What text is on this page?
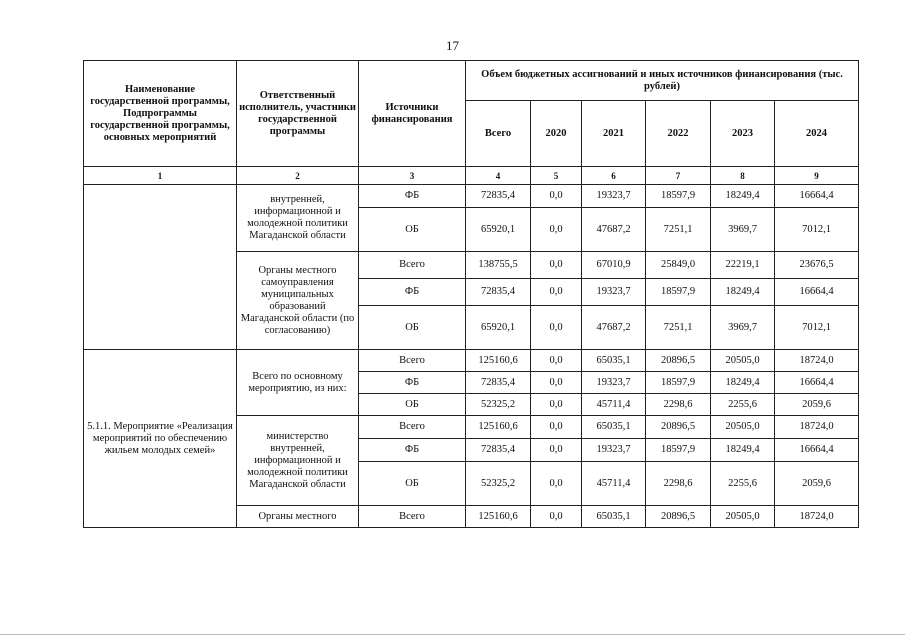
17
Наименование государственной программы, Подпрограммы государственной программы, основных мероприятий	Ответственный исполнитель, участники государственной программы	Источники финансирования	Объем бюджетных ассигнований и иных источников финансирования (тыс. рублей)					
			Всего	2020	2021	2022	2023	2024
1	2	3	4	5	6	7	8	9
	внутренней, информационной и молодежной политики Магаданской области	ФБ	72835,4	0,0	19323,7	18597,9	18249,4	16664,4
		ОБ	65920,1	0,0	47687,2	7251,1	3969,7	7012,1
	Органы местного самоуправления муниципальных образований Магаданской области (по согласованию)	Всего	138755,5	0,0	67010,9	25849,0	22219,1	23676,5
		ФБ	72835,4	0,0	19323,7	18597,9	18249,4	16664,4
		ОБ	65920,1	0,0	47687,2	7251,1	3969,7	7012,1
5.1.1. Мероприятие «Реализация мероприятий по обеспечению жильем молодых семей»	Всего по основному мероприятию, из них:	Всего	125160,6	0,0	65035,1	20896,5	20505,0	18724,0
		ФБ	72835,4	0,0	19323,7	18597,9	18249,4	16664,4
		ОБ	52325,2	0,0	45711,4	2298,6	2255,6	2059,6
	министерство внутренней, информационной и молодежной политики Магаданской области	Всего	125160,6	0,0	65035,1	20896,5	20505,0	18724,0
		ФБ	72835,4	0,0	19323,7	18597,9	18249,4	16664,4
		ОБ	52325,2	0,0	45711,4	2298,6	2255,6	2059,6
	Органы местного	Всего	125160,6	0,0	65035,1	20896,5	20505,0	18724,0
